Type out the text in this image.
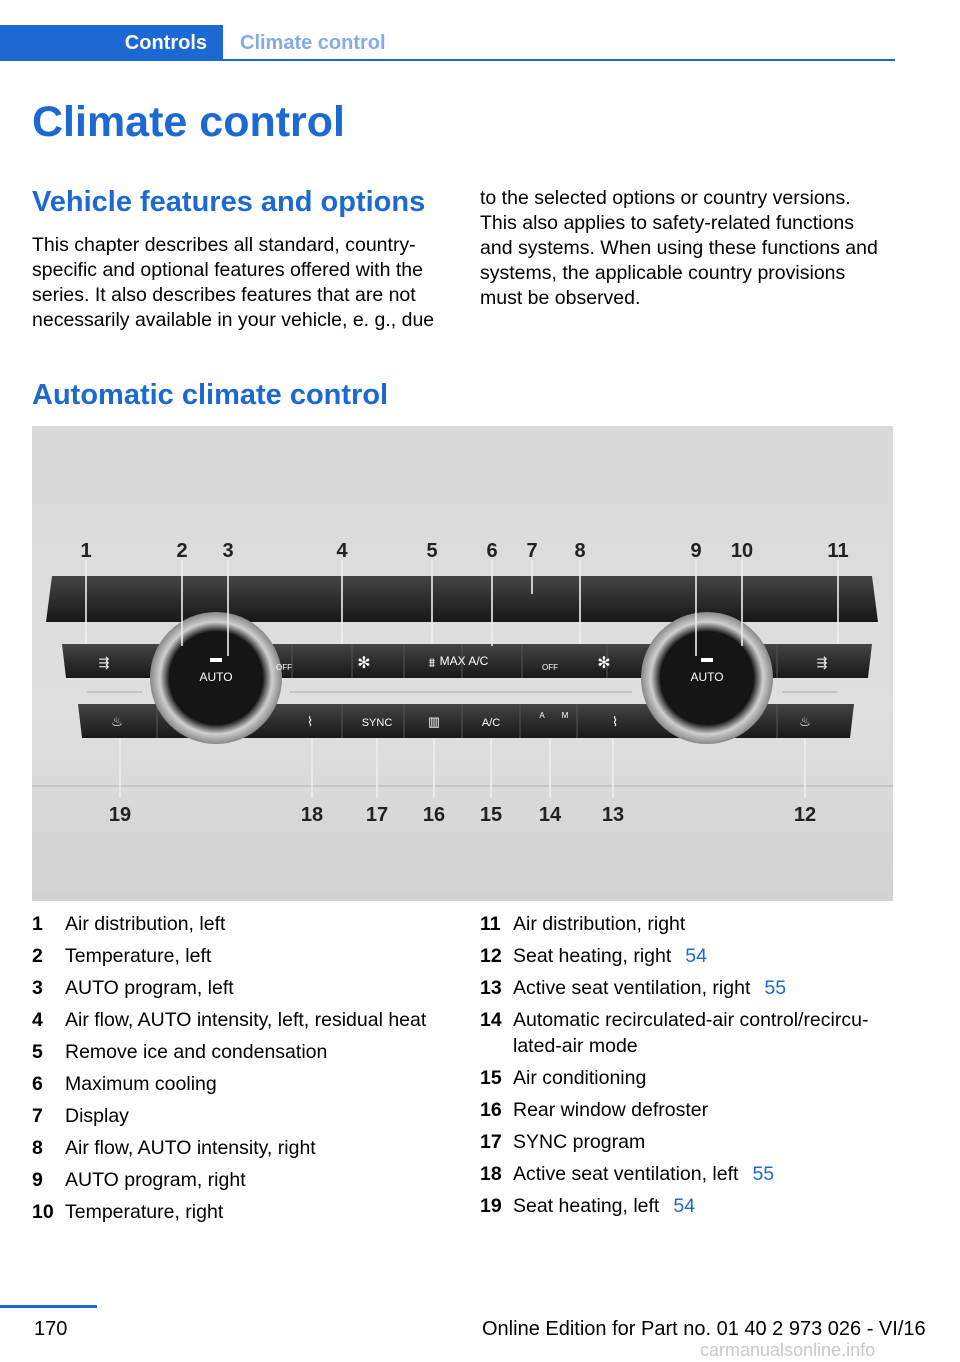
Controls	Climate control
Climate control
Vehicle features and options

This chapter describes all standard, country-specific and optional features offered with the series. It also describes features that are not necessarily available in your vehicle, e. g., due

to the selected options or country versions. This also applies to safety-related functions and systems. When using these functions and systems, the applicable country provisions must be observed.

Automatic climate control
AUTO	AUTO
MAX A/C
SYNC	A/C
OFF	OFF
A M
✻	✻
⇶	⇶
♨	♨
⌇	⌇
⩩
▥
1	2 3	4	5 6 7 8	9 10	11
19	18 17 16 15 14 13	12
1	Air distribution, left
2	Temperature, left
3	AUTO program, left
4	Air flow, AUTO intensity, left, residual heat
5	Remove ice and condensation
6	Maximum cooling
7	Display
8	Air flow, AUTO intensity, right
9	AUTO program, right
10 Temperature, right
11 Air distribution, right
12 Seat heating, right 54
13 Active seat ventilation, right 55
14 Automatic recirculated-air control/recircu-lated-air mode
15 Air conditioning
16 Rear window defroster
17 SYNC program
18 Active seat ventilation, left 55
19 Seat heating, left 54
170	Online Edition for Part no. 01 40 2 973 026 - VI/16
carmanualsonline.info
